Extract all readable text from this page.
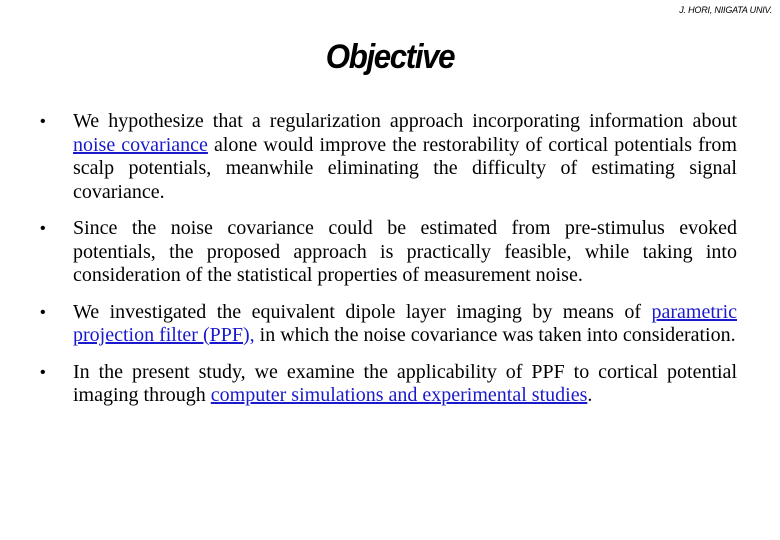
J. HORI, NIIGATA UNIV.
Objective
•	We hypothesize that a regularization approach incorporating information about noise covariance alone would improve the restorability of cortical potentials from scalp potentials, meanwhile eliminating the difficulty of estimating signal covariance.
•	Since the noise covariance could be estimated from pre-stimulus evoked potentials, the proposed approach is practically feasible, while taking into consideration of the statistical properties of measurement noise.
•	We investigated the equivalent dipole layer imaging by means of parametric projection filter (PPF), in which the noise covariance was taken into consideration.
•	In the present study, we examine the applicability of PPF to cortical potential imaging through computer simulations and experimental studies.
